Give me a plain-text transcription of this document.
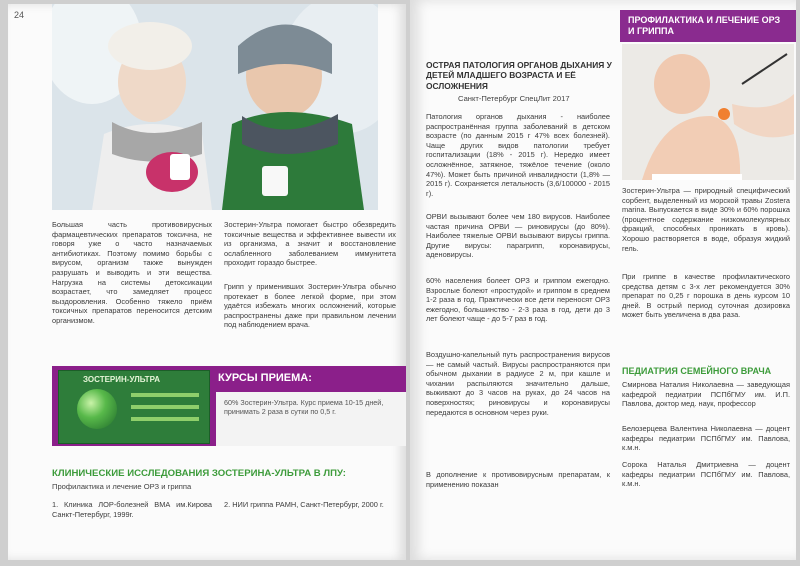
24
Большая часть противовирусных фармацевтических препаратов токсична, не говоря уже о часто назначаемых антибиотиках. Поэтому помимо борьбы с вирусом, организм также вынужден разрушать и выводить и эти вещества. Нагрузка на системы детоксикации возрастает, что замедляет процесс выздоровления. Особенно тяжело приём токсичных препаратов переносится детским организмом.
Зостерин-Ультра помогает быстро обезвредить токсичные вещества и эффективнее вывести их из организма, а значит и восстановление ослабленного заболеванием иммунитета проходит гораздо быстрее.
Грипп у применивших Зостерин-Ультра обычно протекает в более легкой форме, при этом удаётся избежать многих осложнений, которые распространены даже при правильном лечении под наблюдением врача.
КУРСЫ ПРИЕМА:
60% Зостерин-Ультра. Курс приема 10-15 дней, принимать 2 раза в сутки по 0,5 г.
ЗОСТЕРИН-УЛЬТРА
КЛИНИЧЕСКИЕ ИССЛЕДОВАНИЯ ЗОСТЕРИНА-УЛЬТРА В ЛПУ:
Профилактика и лечение ОРЗ и гриппа
1. Клиника ЛОР-болезней ВМА им.Кирова Санкт-Петербург, 1999г.
2. НИИ гриппа РАМН, Санкт-Петербург, 2000 г.
ПРОФИЛАКТИКА И ЛЕЧЕНИЕ ОРЗ И ГРИППА
ОСТРАЯ ПАТОЛОГИЯ ОРГАНОВ ДЫХАНИЯ У ДЕТЕЙ МЛАДШЕГО ВОЗРАСТА И ЕЁ ОСЛОЖНЕНИЯ
Санкт-Петербург СпецЛит 2017
Патология органов дыхания - наиболее распространённая группа заболеваний в детском возрасте (по данным 2015 г 47% всех болезней). Чаще других видов патологии требует госпитализации (18% - 2015 г). Нередко имеет осложнённое, затяжное, тяжёлое течение (около 47%). Может быть причиной инвалидности (1,8% — 2015 г). Сохраняется летальность (3,6/100000 - 2015 г).
ОРВИ вызывают более чем 180 вирусов. Наиболее частая причина ОРВИ — риновирусы (до 80%). Наиболее тяжелые ОРВИ вызывают вирусы гриппа. Другие вирусы: парагрипп, коронавирусы, аденовирусы.
60% населения болеет ОРЗ и гриппом ежегодно. Взрослые болеют «простудой» и гриппом в среднем 1-2 раза в год. Практически все дети переносят ОРЗ ежегодно, большинство - 2-3 раза в год, дети до 3 лет болеют чаще - до 5-7 раз в год.
Воздушно-капельный путь распространения вирусов — не самый частый. Вирусы распространяются при обычном дыхании в радиусе 2 м, при кашле и чихании распыляются значительно дальше, выживают до 3 часов на руках, до 24 часов на поверхностях; риновирусы и коронавирусы передаются в основном через руки.
В дополнение к противовирусным препаратам, к применению показан
Зостерин-Ультра — природный специфический сорбент, выделенный из морской травы Zostera marina. Выпускается в виде 30% и 60% порошка (процентное содержание низкомолекулярных фракций, способных проникать в кровь). Хорошо растворяется в воде, образуя жидкий гель.
При гриппе в качестве профилактического средства детям с 3-х лет рекомендуется 30% препарат по 0,25 г порошка в день курсом 10 дней. В острый период суточная дозировка может быть увеличена в два раза.
ПЕДИАТРИЯ СЕМЕЙНОГО ВРАЧА
Смирнова Наталия Николаевна — заведующая кафедрой педиатрии ПСПбГМУ им. И.П. Павлова, доктор мед. наук, профессор
Белозерцева Валентина Николаевна — доцент кафедры педиатрии ПСПбГМУ им. Павлова, к.м.н.
Сорока Наталья Дмитриевна — доцент кафедры педиатрии ПСПбГМУ им. Павлова, к.м.н.
